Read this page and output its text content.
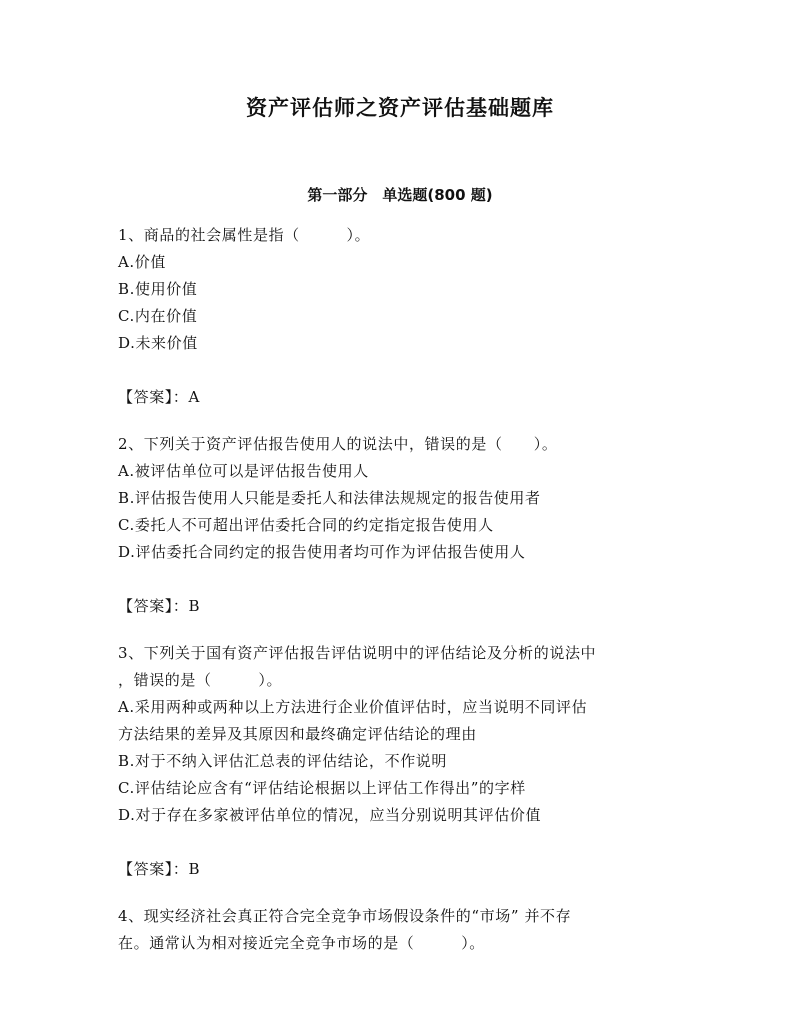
资产评估师之资产评估基础题库
第一部分　单选题(800 题)
1、商品的社会属性是指（　　　）。
A.价值
B.使用价值
C.内在价值
D.未来价值
【答案】：A
2、下列关于资产评估报告使用人的说法中，错误的是（　　）。
A.被评估单位可以是评估报告使用人
B.评估报告使用人只能是委托人和法律法规规定的报告使用者
C.委托人不可超出评估委托合同的约定指定报告使用人
D.评估委托合同约定的报告使用者均可作为评估报告使用人
【答案】：B
3、下列关于国有资产评估报告评估说明中的评估结论及分析的说法中
，错误的是（　　　）。
A.采用两种或两种以上方法进行企业价值评估时，应当说明不同评估
方法结果的差异及其原因和最终确定评估结论的理由
B.对于不纳入评估汇总表的评估结论，不作说明
C.评估结论应含有“评估结论根据以上评估工作得出”的字样
D.对于存在多家被评估单位的情况，应当分别说明其评估价值
【答案】：B
4、现实经济社会真正符合完全竞争市场假设条件的“市场” 并不存
在。通常认为相对接近完全竞争市场的是（　　　）。
